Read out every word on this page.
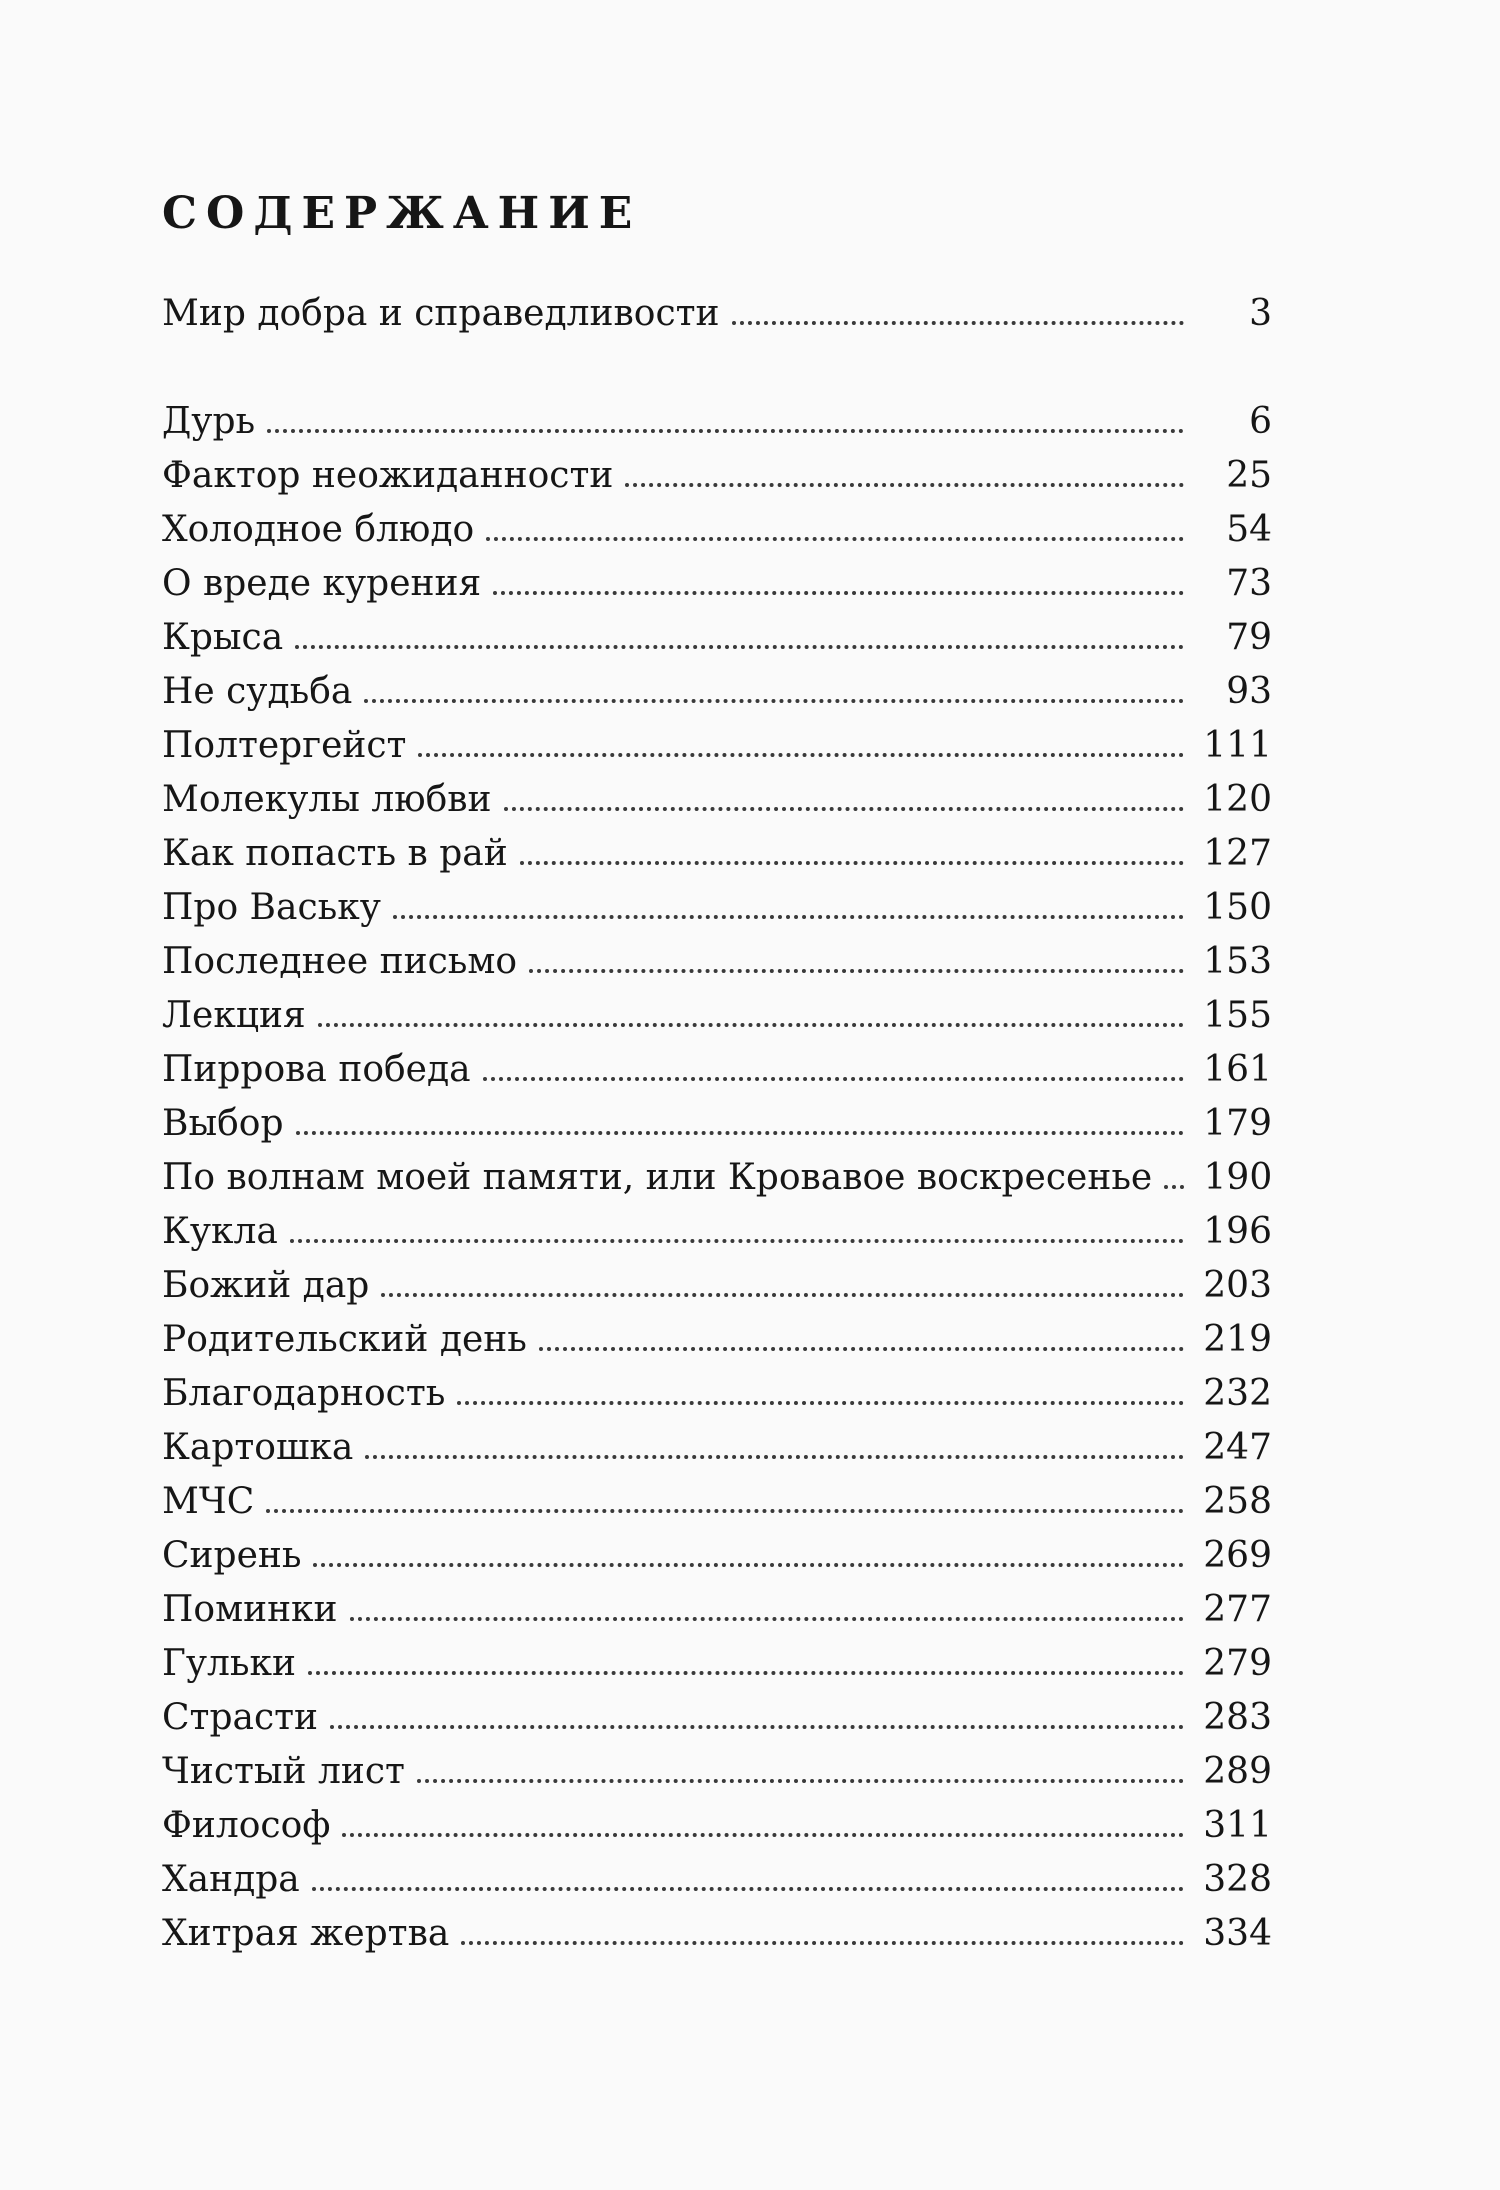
СОДЕРЖАНИЕ
Мир добра и справедливости	3
Дурь	6
Фактор неожиданности	25
Холодное блюдо	54
О вреде курения	73
Крыса	79
Не судьба	93
Полтергейст	111
Молекулы любви	120
Как попасть в рай	127
Про Ваську	150
Последнее письмо	153
Лекция	155
Пиррова победа	161
Выбор	179
По волнам моей памяти, или Кровавое воскресенье	190
Кукла	196
Божий дар	203
Родительский день	219
Благодарность	232
Картошка	247
МЧС	258
Сирень	269
Поминки	277
Гульки	279
Страсти	283
Чистый лист	289
Философ	311
Хандра	328
Хитрая жертва	334
